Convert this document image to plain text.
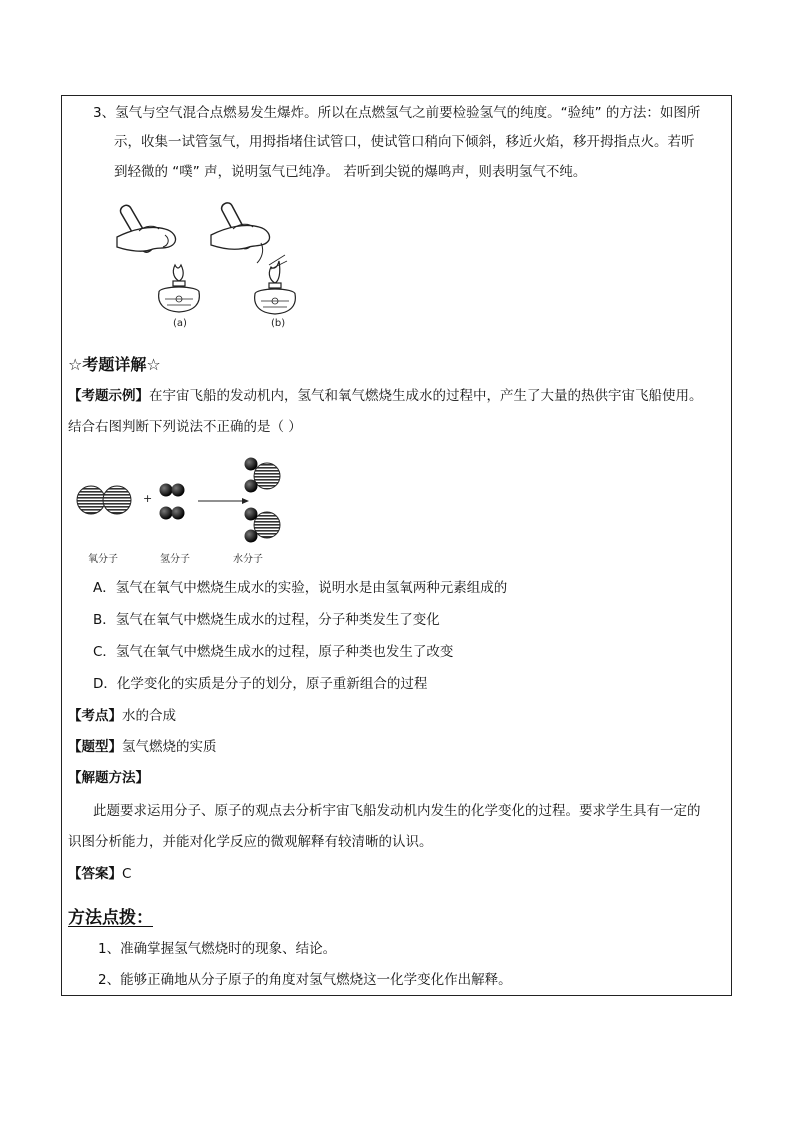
3、氢气与空气混合点燃易发生爆炸。所以在点燃氢气之前要检验氢气的纯度。“验纯” 的方法：如图所
示，收集一试管氢气，用拇指堵住试管口，使试管口稍向下倾斜，移近火焰，移开拇指点火。若听
到轻微的 “噗” 声，说明氢气已纯净。 若听到尖锐的爆鸣声，则表明氢气不纯。
(a)	(b)
☆考题详解☆
【考题示例】在宇宙飞船的发动机内，氢气和氧气燃烧生成水的过程中，产生了大量的热供宇宙飞船使用。
结合右图判断下列说法不正确的是（ ）
+
氧分子	氢分子	水分子
A．氢气在氧气中燃烧生成水的实验，说明水是由氢氧两种元素组成的
B．氢气在氧气中燃烧生成水的过程，分子种类发生了变化
C．氢气在氧气中燃烧生成水的过程，原子种类也发生了改变
D．化学变化的实质是分子的划分，原子重新组合的过程
【考点】水的合成
【题型】氢气燃烧的实质
【解题方法】
此题要求运用分子、原子的观点去分析宇宙飞船发动机内发生的化学变化的过程。要求学生具有一定的
识图分析能力，并能对化学反应的微观解释有较清晰的认识。
【答案】C
方法点拨：
1、准确掌握氢气燃烧时的现象、结论。
2、能够正确地从分子原子的角度对氢气燃烧这一化学变化作出解释。
